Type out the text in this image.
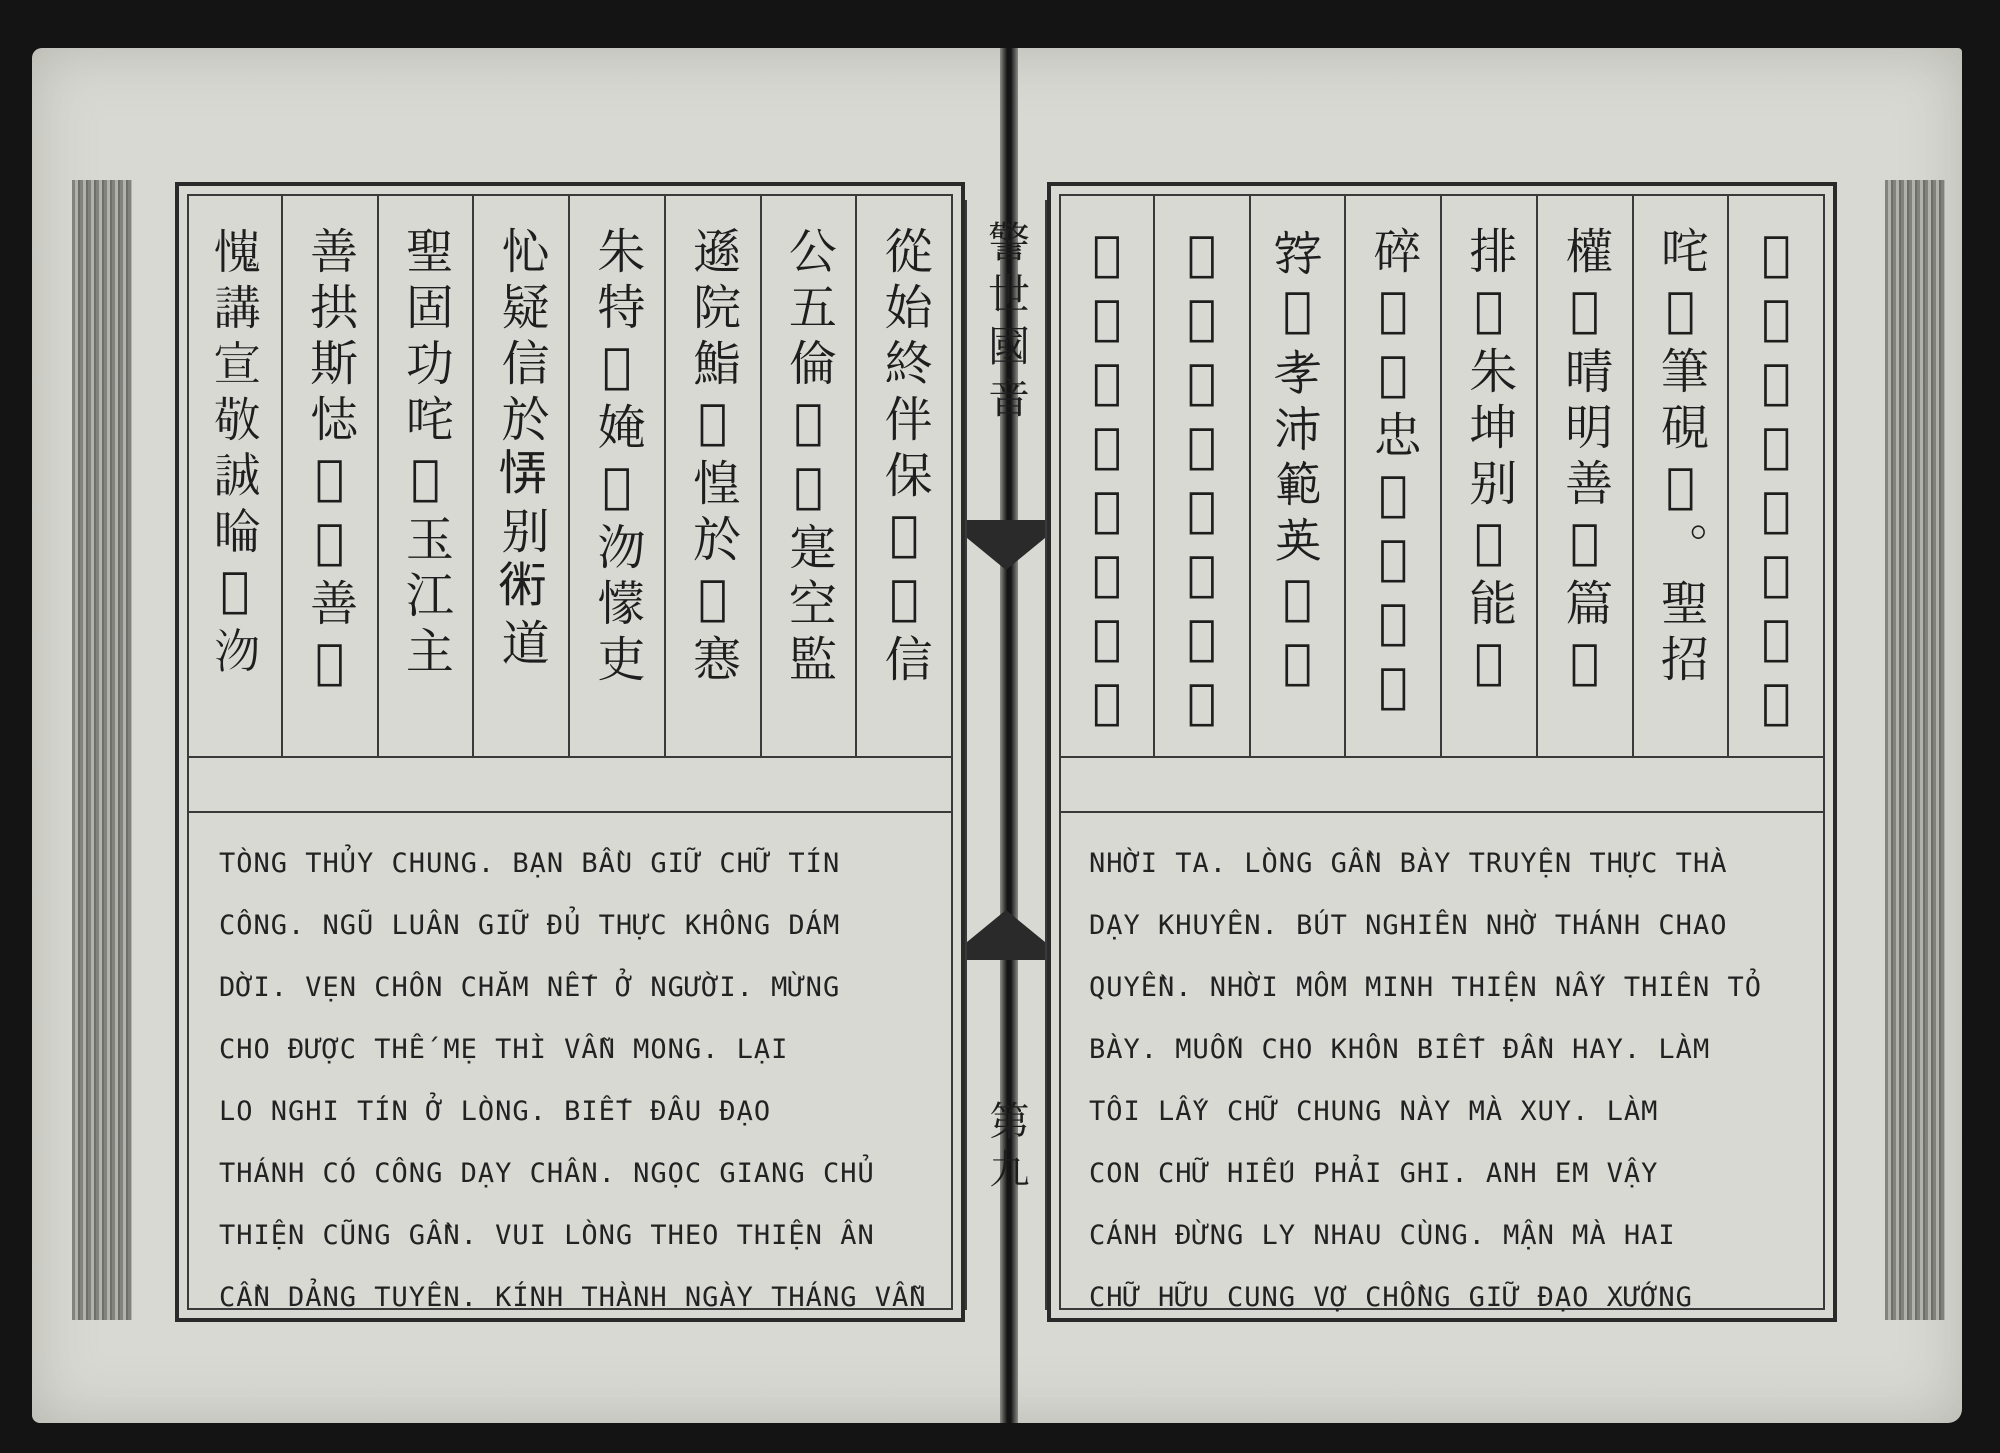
從始終伴保𡨹𡨹信
公五倫𡨹𠁀寔空監
遜院鮨𡗶惶於𠊚㥶
朱特𦖑㛪𡞕沕懞吏
㤈疑信於𢙱别𧗱道
聖固功咤𡓮玉江主
善拱斯𢙺𢚸𢯏善𢜠
𢢯講宣敬誠㫻𦛿沕
TÒNG THỦY CHUNG. BẠN BẦU GIỮ CHỮ TÍN
CÔNG. NGŨ LUÂN GIỮ ĐỦ THỰC KHÔNG DÁM
DỜI. VẸN CHÔN CHĂM NẾT Ở NGƯỜI. MỪNG
CHO ĐƯỢC THẾ MẸ THÌ VẪN MONG. LẠI
LO NGHI TÍN Ở LÒNG. BIẾT ĐÂU ĐẠO
THÁNH CÓ CÔNG DẠY CHÂN. NGỌC GIANG CHỦ
THIỆN CŨNG GẦN. VUI LÒNG THEO THIỆN ÂN
CẦN DẢNG TUYÊN. KÍNH THÀNH NGÀY THÁNG VẪN
警世國音
第九
𠻵些濃斯排傳寔他
咤𠳒筆硯𢙇。聖招
權𠻵晴明善𠇍篇𢦆
排𥙩朱坤别𤴬能𠄼
碎𥘷𡨹忠𧵑𡢐𢷀𠄼
𡦂𡨹孝沛範英𡛔𡛔
𦀊𢭸離𠊚穷𡛔麻台
𡨹𡗶恭㛪𡢼𡨹道唱
NHỜI TA. LÒNG GẦN BÀY TRUYỆN THỰC THÀ
DẠY KHUYÊN. BÚT NGHIÊN NHỜ THÁNH CHAO
QUYỀN. NHỜI MÔM MINH THIỆN NẤY THIÊN TỎ
BÀY. MUỐN CHO KHÔN BIẾT ĐẦN HAY. LÀM
TÔI LẤY CHỮ CHUNG NÀY MÀ XUY. LÀM
CON CHỮ HIẾU PHẢI GHI. ANH EM VẬY
CÁNH ĐỪNG LY NHAU CÙNG. MẬN MÀ HAI
CHỮ HỮU CUNG VỢ CHỒNG GIỮ ĐẠO XƯỚNG
